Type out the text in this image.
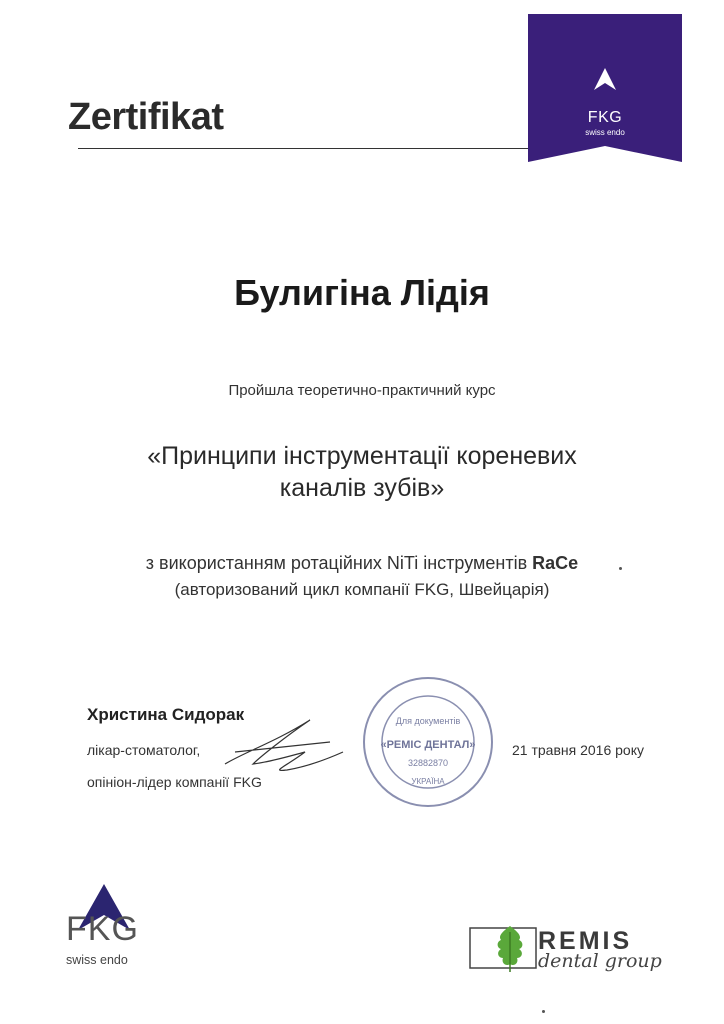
Zertifikat	FKG
swiss endo
Булигіна Лідія
Пройшла теоретично-практичний курс
«Принципи інструментації кореневих
каналів зубів»
з використанням ротаційних NiTi інструментів RaCe
(авторизований цикл компанії FKG, Швейцарія)
Христина Сидорак
лікар-стоматолог,
опініон-лідер компанії FKG
Для документів
«РЕМІС ДЕНТАЛ»
32882870
УКРАЇНА
21 травня 2016 року
FKG
swiss endo
REMIS
dental group
